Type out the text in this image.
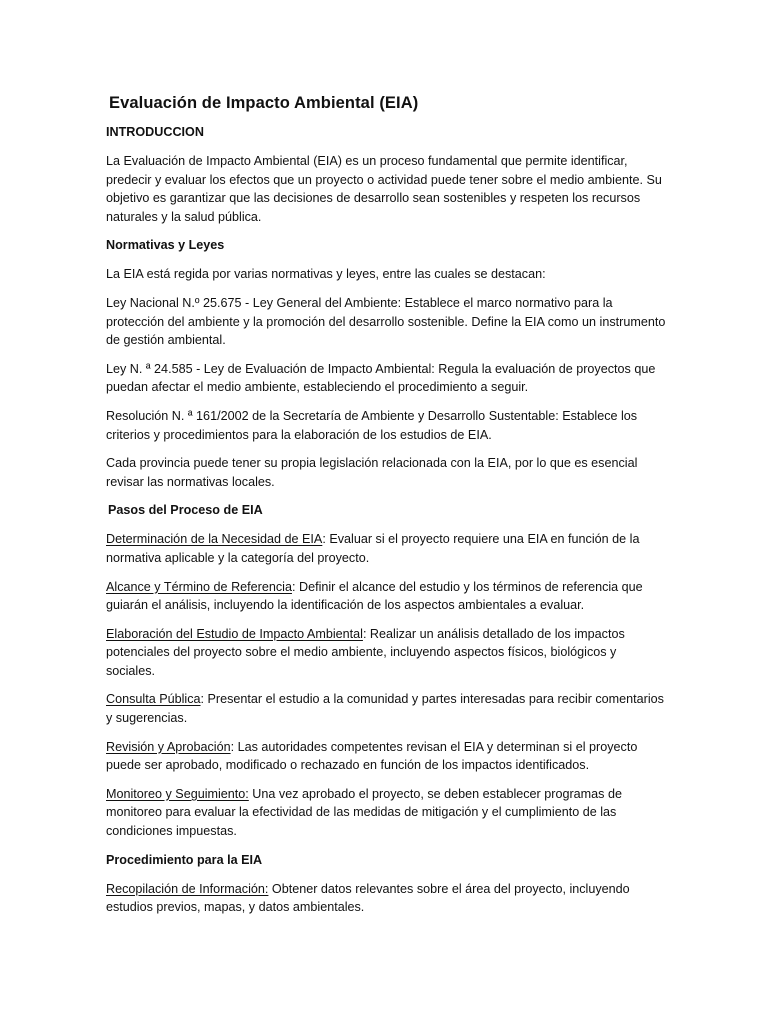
Evaluación de Impacto Ambiental (EIA)
INTRODUCCION

La Evaluación de Impacto Ambiental (EIA) es un proceso fundamental que permite identificar, predecir y evaluar los efectos que un proyecto o actividad puede tener sobre el medio ambiente. Su objetivo es garantizar que las decisiones de desarrollo sean sostenibles y respeten los recursos naturales y la salud pública.

Normativas y Leyes

La EIA está regida por varias normativas y leyes, entre las cuales se destacan:

Ley Nacional N.º 25.675 - Ley General del Ambiente: Establece el marco normativo para la protección del ambiente y la promoción del desarrollo sostenible. Define la EIA como un instrumento de gestión ambiental.

Ley N. ª 24.585 - Ley de Evaluación de Impacto Ambiental: Regula la evaluación de proyectos que puedan afectar el medio ambiente, estableciendo el procedimiento a seguir.

Resolución N. ª 161/2002 de la Secretaría de Ambiente y Desarrollo Sustentable: Establece los criterios y procedimientos para la elaboración de los estudios de EIA.

Cada provincia puede tener su propia legislación relacionada con la EIA, por lo que es esencial revisar las normativas locales.

Pasos del Proceso de EIA

Determinación de la Necesidad de EIA: Evaluar si el proyecto requiere una EIA en función de la normativa aplicable y la categoría del proyecto.

Alcance y Término de Referencia: Definir el alcance del estudio y los términos de referencia que guiarán el análisis, incluyendo la identificación de los aspectos ambientales a evaluar.

Elaboración del Estudio de Impacto Ambiental: Realizar un análisis detallado de los impactos potenciales del proyecto sobre el medio ambiente, incluyendo aspectos físicos, biológicos y sociales.

Consulta Pública: Presentar el estudio a la comunidad y partes interesadas para recibir comentarios y sugerencias.

Revisión y Aprobación: Las autoridades competentes revisan el EIA y determinan si el proyecto puede ser aprobado, modificado o rechazado en función de los impactos identificados.

Monitoreo y Seguimiento: Una vez aprobado el proyecto, se deben establecer programas de monitoreo para evaluar la efectividad de las medidas de mitigación y el cumplimiento de las condiciones impuestas.

Procedimiento para la EIA

Recopilación de Información: Obtener datos relevantes sobre el área del proyecto, incluyendo estudios previos, mapas, y datos ambientales.
